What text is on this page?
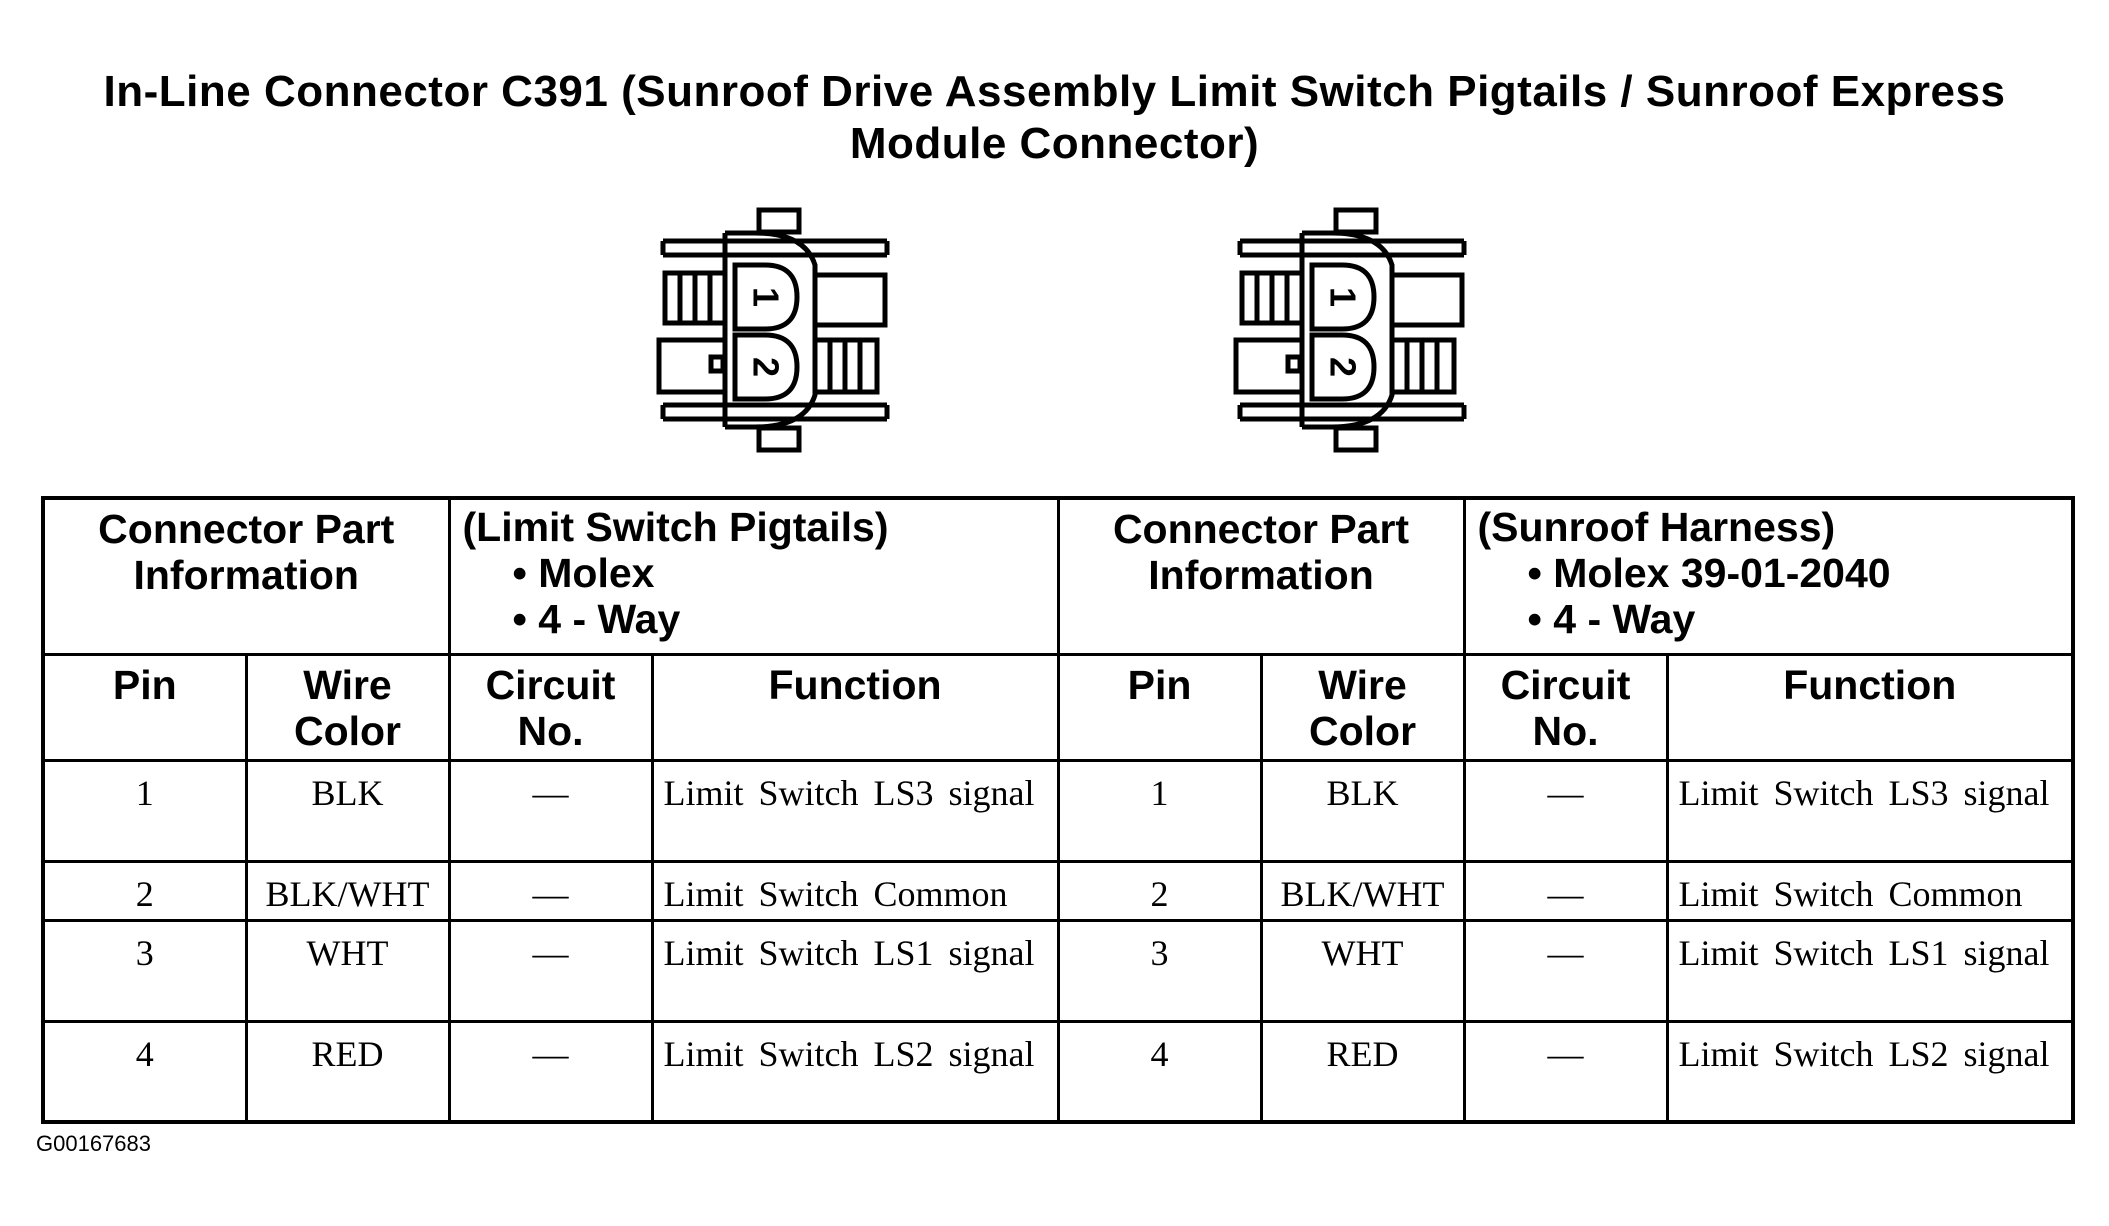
In-Line Connector C391 (Sunroof Drive Assembly Limit Switch Pigtails / Sunroof Express Module Connector)
1
2
1
2
Connector Part Information		(Limit Switch Pigtails)
• Molex
• 4 - Way		Connector Part Information		(Sunroof Harness)
• Molex 39-01-2040
• 4 - Way	

Pin	Wire Color	Circuit No.	Function	Pin	Wire Color	Circuit No.	Function
1	BLK	—	Limit Switch LS3 signal	1	BLK	—	Limit Switch LS3 signal
2	BLK/WHT	—	Limit Switch Common	2	BLK/WHT	—	Limit Switch Common
3	WHT	—	Limit Switch LS1 signal	3	WHT	—	Limit Switch LS1 signal
4	RED	—	Limit Switch LS2 signal	4	RED	—	Limit Switch LS2 signal
G00167683
